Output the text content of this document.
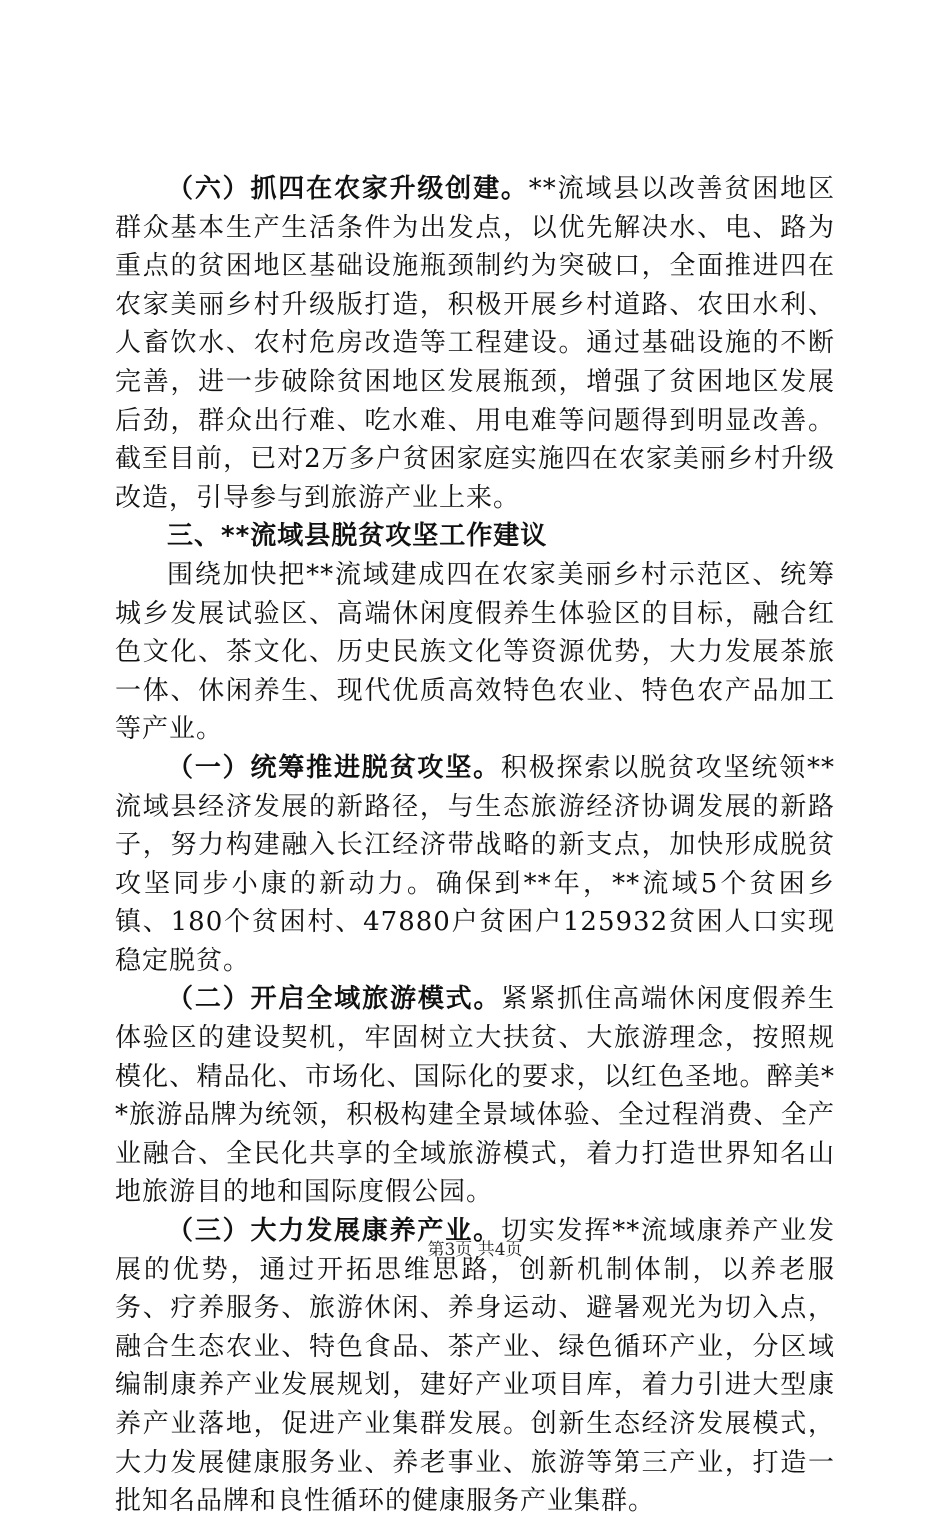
（六）抓四在农家升级创建。**流域县以改善贫困地区群众基本生产生活条件为出发点，以优先解决水、电、路为重点的贫困地区基础设施瓶颈制约为突破口，全面推进四在农家美丽乡村升级版打造，积极开展乡村道路、农田水利、人畜饮水、农村危房改造等工程建设。通过基础设施的不断完善，进一步破除贫困地区发展瓶颈，增强了贫困地区发展后劲，群众出行难、吃水难、用电难等问题得到明显改善。截至目前，已对2万多户贫困家庭实施四在农家美丽乡村升级改造，引导参与到旅游产业上来。

三、**流域县脱贫攻坚工作建议

围绕加快把**流域建成四在农家美丽乡村示范区、统筹城乡发展试验区、高端休闲度假养生体验区的目标，融合红色文化、茶文化、历史民族文化等资源优势，大力发展茶旅一体、休闲养生、现代优质高效特色农业、特色农产品加工等产业。

（一）统筹推进脱贫攻坚。积极探索以脱贫攻坚统领**流域县经济发展的新路径，与生态旅游经济协调发展的新路子，努力构建融入长江经济带战略的新支点，加快形成脱贫攻坚同步小康的新动力。确保到**年，**流域5个贫困乡镇、180个贫困村、47880户贫困户125932贫困人口实现稳定脱贫。

（二）开启全域旅游模式。紧紧抓住高端休闲度假养生体验区的建设契机，牢固树立大扶贫、大旅游理念，按照规模化、精品化、市场化、国际化的要求，以红色圣地。醉美**旅游品牌为统领，积极构建全景域体验、全过程消费、全产业融合、全民化共享的全域旅游模式，着力打造世界知名山地旅游目的地和国际度假公园。

（三）大力发展康养产业。切实发挥**流域康养产业发展的优势，通过开拓思维思路，创新机制体制，以养老服务、疗养服务、旅游休闲、养身运动、避暑观光为切入点，融合生态农业、特色食品、茶产业、绿色循环产业，分区域编制康养产业发展规划，建好产业项目库，着力引进大型康养产业落地，促进产业集群发展。创新生态经济发展模式，大力发展健康服务业、养老事业、旅游等第三产业，打造一批知名品牌和良性循环的健康服务产业集群。

第3页 共4页
